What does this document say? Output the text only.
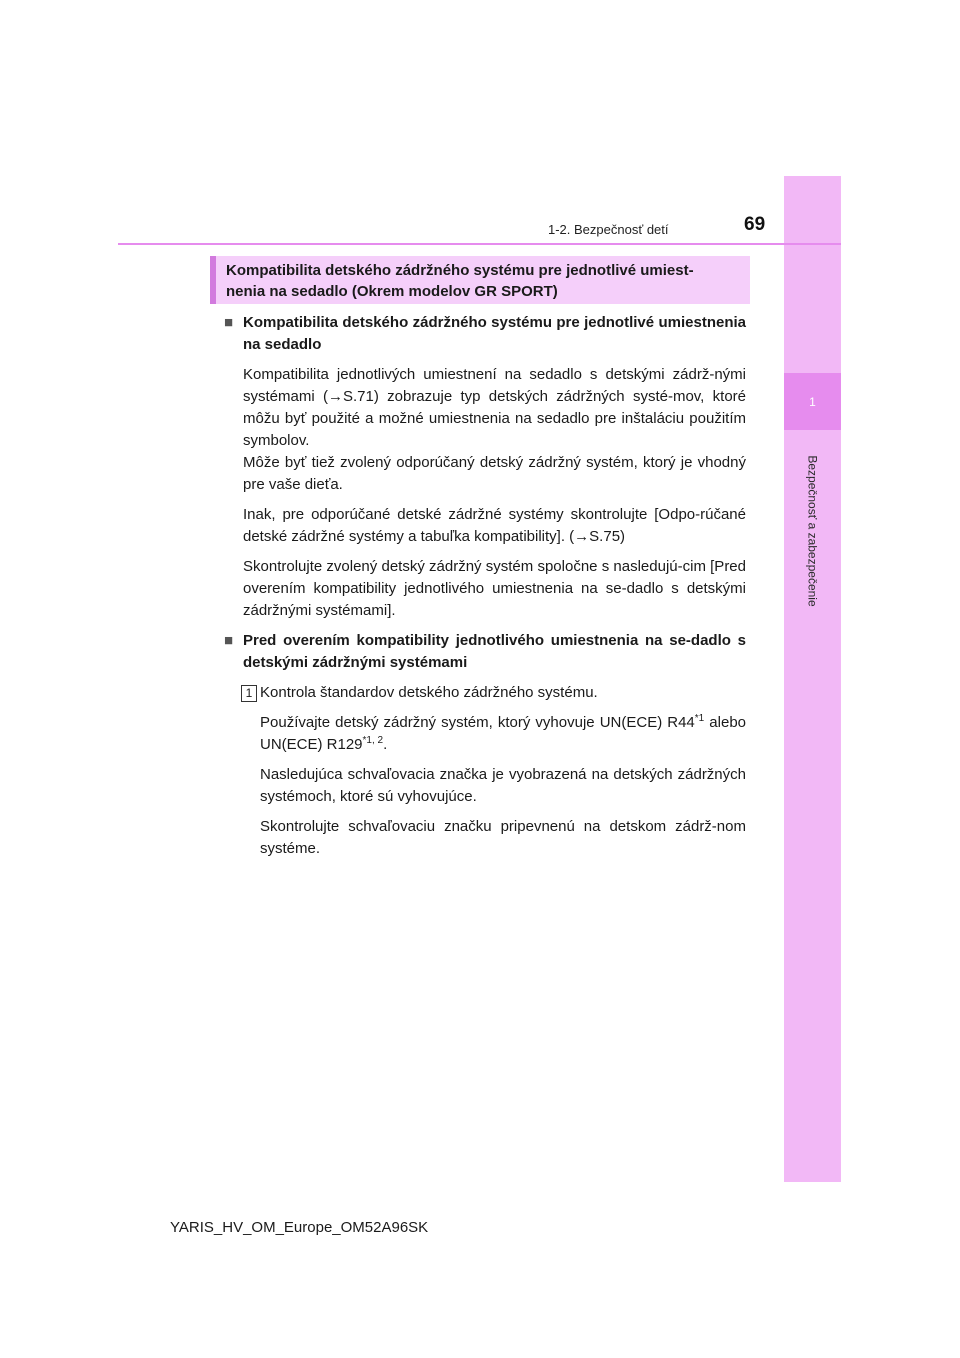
1
Bezpečnosť a zabezpečenie
1-2. Bezpečnosť detí	69
Kompatibilita detského zádržného systému pre jednotlivé umiest-
nenia na sedadlo (Okrem modelov GR SPORT)
■ Kompatibilita detského zádržného systému pre jednotlivé umiestnenia na sedadlo
Kompatibilita jednotlivých umiestnení na sedadlo s detskými zádrž-nými systémami (→S.71) zobrazuje typ detských zádržných systé-mov, ktoré môžu byť použité a možné umiestnenia na sedadlo pre inštaláciu použitím symbolov.
Môže byť tiež zvolený odporúčaný detský zádržný systém, ktorý je vhodný pre vaše dieťa.
Inak, pre odporúčané detské zádržné systémy skontrolujte [Odpo-rúčané detské zádržné systémy a tabuľka kompatibility]. (→S.75)
Skontrolujte zvolený detský zádržný systém spoločne s nasledujú-cim [Pred overením kompatibility jednotlivého umiestnenia na se-dadlo s detskými zádržnými systémami].
■ Pred overením kompatibility jednotlivého umiestnenia na se-dadlo s detskými zádržnými systémami
1 Kontrola štandardov detského zádržného systému.
Používajte detský zádržný systém, ktorý vyhovuje UN(ECE) R44$^{*1}$ alebo UN(ECE) R129$^{*1, 2}$.
Nasledujúca schvaľovacia značka je vyobrazená na detských zádržných systémoch, ktoré sú vyhovujúce.
Skontrolujte schvaľovaciu značku pripevnenú na detskom zádrž-nom systéme.
YARIS_HV_OM_Europe_OM52A96SK
